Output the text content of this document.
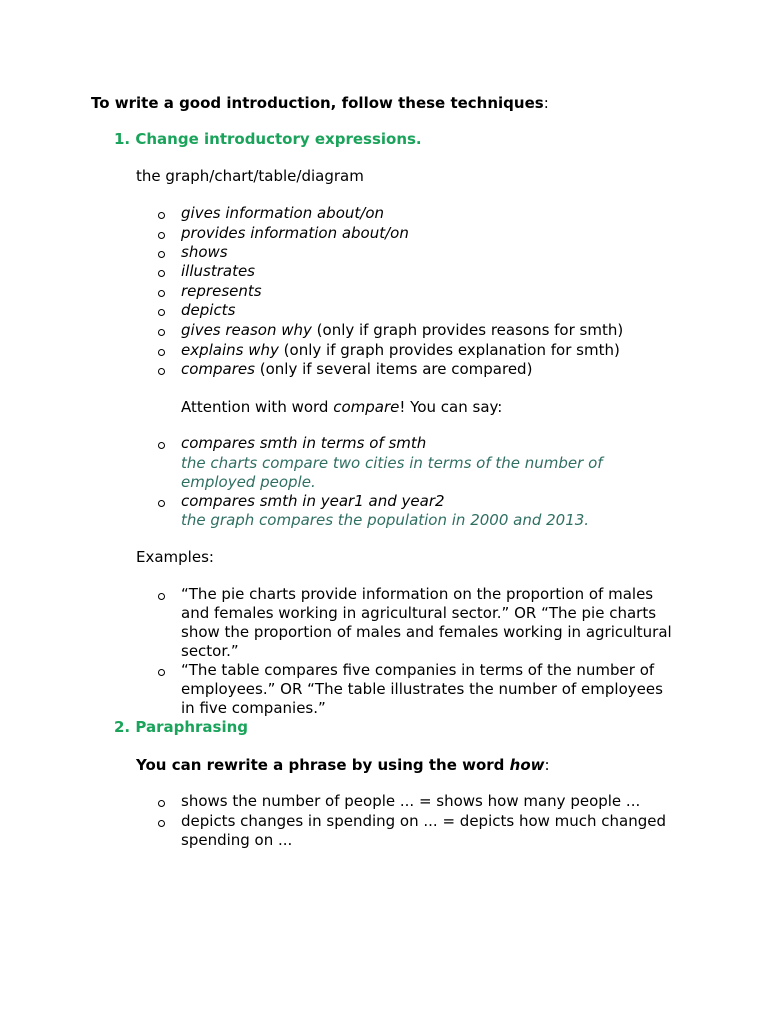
To write a good introduction, follow these techniques:
1. Change introductory expressions.
the graph/chart/table/diagram
gives information about/on
provides information about/on
shows
illustrates
represents
depicts
gives reason why (only if graph provides reasons for smth)
explains why (only if graph provides explanation for smth)
compares (only if several items are compared)
Attention with word compare! You can say:
compares smth in terms of smth
the charts compare two cities in terms of the number of
employed people.
compares smth in year1 and year2
the graph compares the population in 2000 and 2013.
Examples:
“The pie charts provide information on the proportion of males
and females working in agricultural sector.” OR “The pie charts
show the proportion of males and females working in agricultural
sector.”
“The table compares five companies in terms of the number of
employees.” OR “The table illustrates the number of employees
in five companies.”
2. Paraphrasing
You can rewrite a phrase by using the word how:
shows the number of people ... = shows how many people ...
depicts changes in spending on ... = depicts how much changed
spending on ...
